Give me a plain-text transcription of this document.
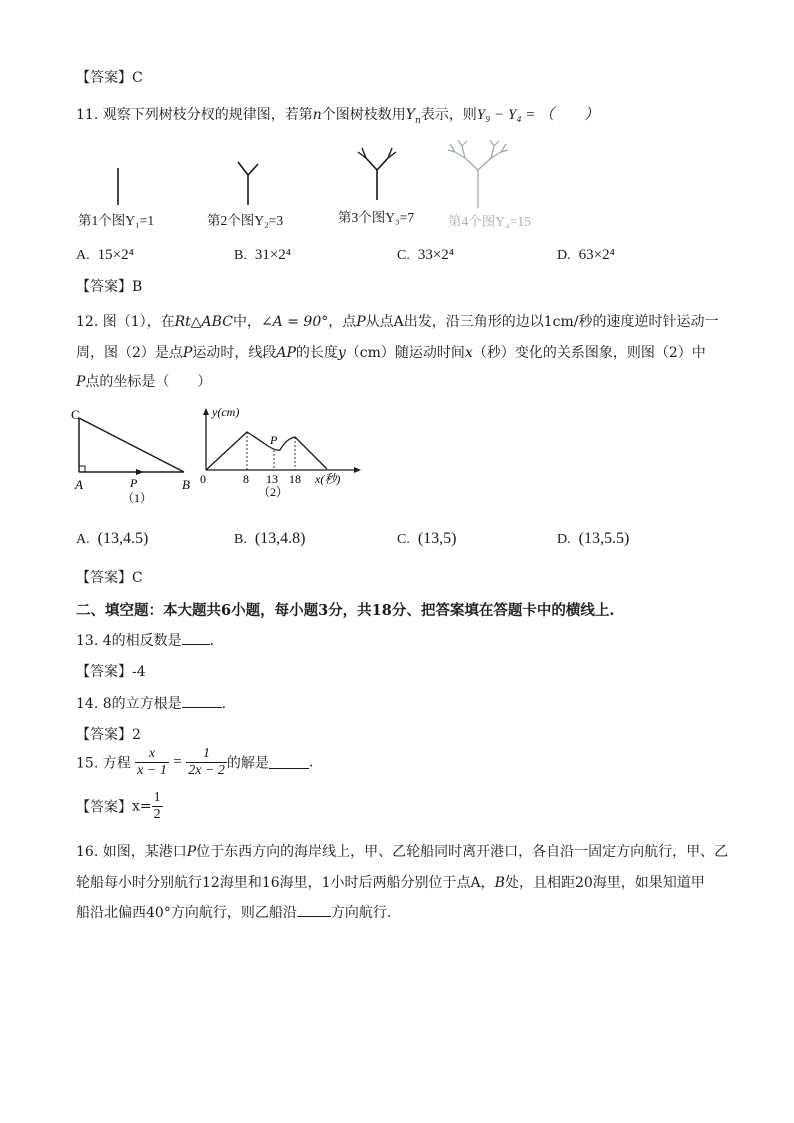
【答案】C
11. 观察下列树枝分杈的规律图，若第n个图树枝数用$Y_n$表示，则Y₉ − Y₄ = （　　）
第1个图Y₁=1	第2个图Y₂=3	第3个图Y₃=7	第4个图Y₄=15
A. 15×2⁴	B. 31×2⁴	C. 33×2⁴	D. 63×2⁴
【答案】B
12. 图（1），在Rt△ABC中，∠A = 90°，点P从点A出发，沿三角形的边以1cm/秒的速度逆时针运动一
周，图（2）是点P运动时，线段AP的长度y（cm）随运动时间x（秒）变化的关系图象，则图（2）中
P点的坐标是（　　）
C
A	B
P
（1）
y(cm)
x(秒)
0	8 13 18
P
（2）
A. (13,4.5)	B. (13,4.8)	C. (13,5)	D. (13,5.5)
【答案】C
二、填空题：本大题共6小题，每小题3分，共18分、把答案填在答题卡中的横线上.
13. 4的相反数是 .
【答案】-4
14. 8的立方根是	.
【答案】2
15. 方程 $\frac{x}{x - 1} = \frac{1}{2x - 2}$ 的解是	.
【答案】$x= \frac{1}{2}$
16. 如图，某港口P位于东西方向的海岸线上，甲、乙轮船同时离开港口，各自沿一固定方向航行，甲、乙
轮船每小时分别航行12海里和16海里，1小时后两船分别位于点A，B处，且相距20海里，如果知道甲
船沿北偏西40°方向航行，则乙船沿 方向航行.
